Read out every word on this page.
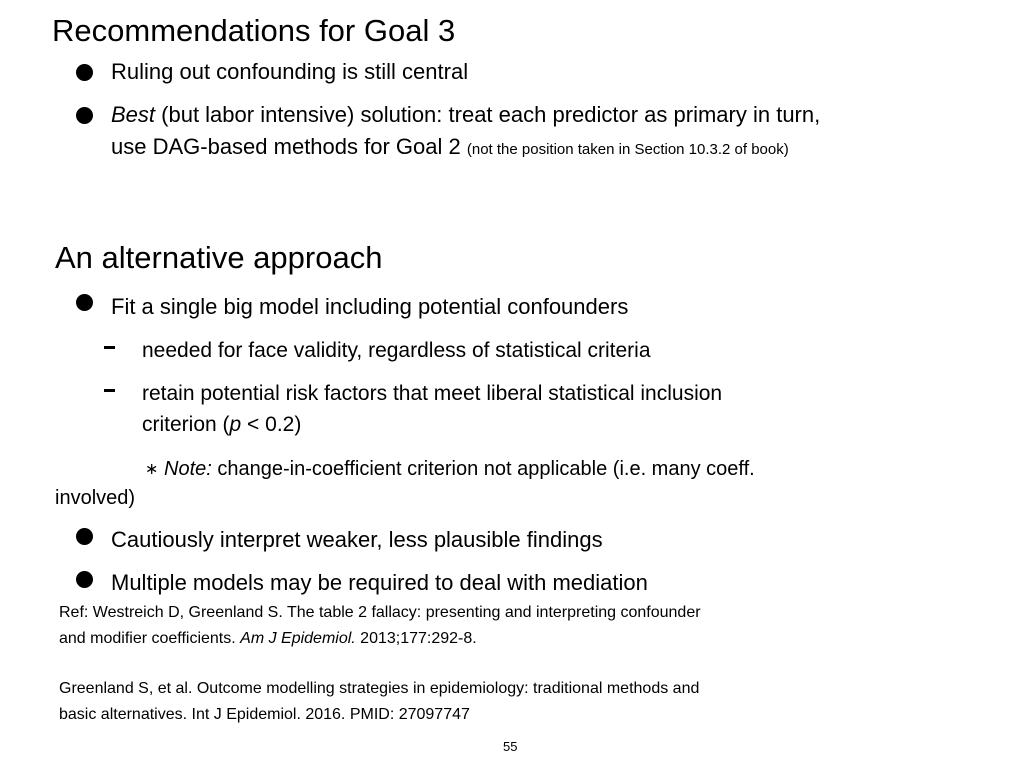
Recommendations for Goal 3
Ruling out confounding is still central
Best (but labor intensive) solution: treat each predictor as primary in turn,
use DAG-based methods for Goal 2 (not the position taken in Section 10.3.2 of book)
An alternative approach
Fit a single big model including potential confounders
needed for face validity, regardless of statistical criteria
retain potential risk factors that meet liberal statistical inclusion
criterion (p < 0.2)
∗ Note: change-in-coefficient criterion not applicable (i.e. many coeff.
involved)
Cautiously interpret weaker, less plausible findings
Multiple models may be required to deal with mediation
Ref: Westreich D, Greenland S. The table 2 fallacy: presenting and interpreting confounder
and modifier coefficients. Am J Epidemiol. 2013;177:292-8.
Greenland S, et al. Outcome modelling strategies in epidemiology: traditional methods and
basic alternatives. Int J Epidemiol. 2016. PMID: 27097747
55
